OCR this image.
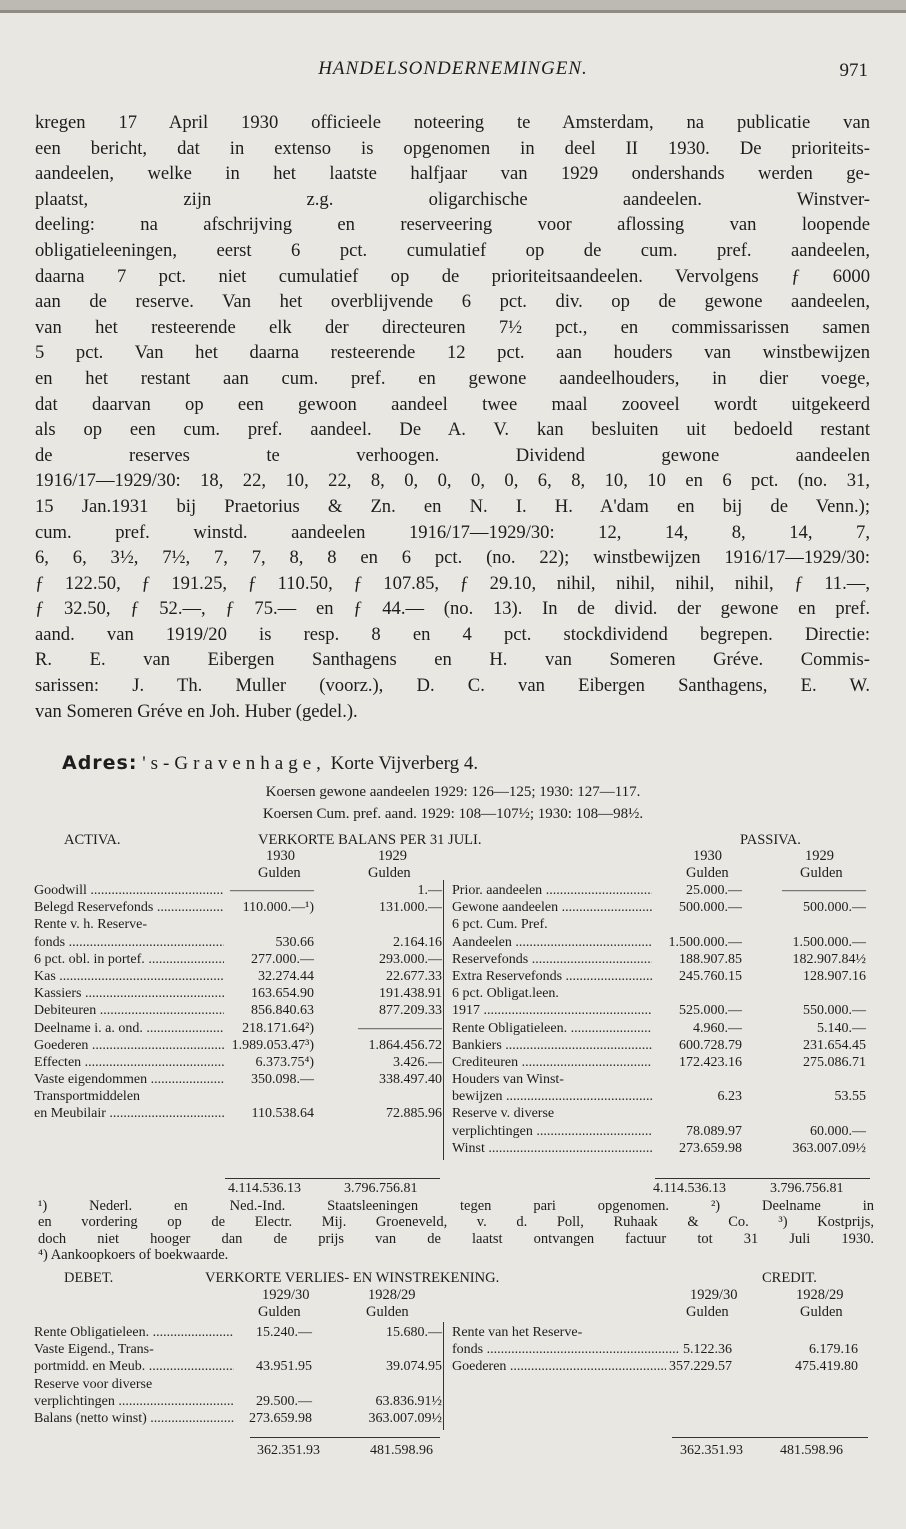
HANDELSONDERNEMINGEN.	971
kregen 17 April 1930 officieele noteering te Amsterdam, na publicatie van
een bericht, dat in extenso is opgenomen in deel II 1930. De prioriteits-
aandeelen, welke in het laatste halfjaar van 1929 ondershands werden ge-
plaatst, zijn z.g. oligarchische aandeelen. Winstver-
deeling: na afschrijving en reserveering voor aflossing van loopende
obligatieleeningen, eerst 6 pct. cumulatief op de cum. pref. aandeelen,
daarna 7 pct. niet cumulatief op de prioriteitsaandeelen. Vervolgens ƒ 6000
aan de reserve. Van het overblijvende 6 pct. div. op de gewone aandeelen,
van het resteerende elk der directeuren 7½ pct., en commissarissen samen
5 pct. Van het daarna resteerende 12 pct. aan houders van winstbewijzen
en het restant aan cum. pref. en gewone aandeelhouders, in dier voege,
dat daarvan op een gewoon aandeel twee maal zooveel wordt uitgekeerd
als op een cum. pref. aandeel. De A. V. kan besluiten uit bedoeld restant
de reserves te verhoogen. Dividend gewone aandeelen
1916/17—1929/30: 18, 22, 10, 22, 8, 0, 0, 0, 0, 6, 8, 10, 10 en 6 pct. (no. 31,
15 Jan.1931 bij Praetorius & Zn. en N. I. H. A'dam en bij de Venn.);
cum. pref. winstd. aandeelen 1916/17—1929/30: 12, 14, 8, 14, 7,
6, 6, 3½, 7½, 7, 7, 8, 8 en 6 pct. (no. 22); winstbewijzen 1916/17—1929/30:
ƒ 122.50, ƒ 191.25, ƒ 110.50, ƒ 107.85, ƒ 29.10, nihil, nihil, nihil, nihil, ƒ 11.—,
ƒ 32.50, ƒ 52.—, ƒ 75.— en ƒ 44.— (no. 13). In de divid. der gewone en pref.
aand. van 1919/20 is resp. 8 en 4 pct. stockdividend begrepen. Directie:
R. E. van Eibergen Santhagens en H. van Someren Gréve. Commis-
sarissen: J. Th. Muller (voorz.), D. C. van Eibergen Santhagens, E. W.
van Someren Gréve en Joh. Huber (gedel.).
Adres: 's-Gravenhage, Korte Vijverberg 4.
Koersen gewone aandeelen 1929: 126—125; 1930: 127—117.
Koersen Cum. pref. aand. 1929: 108—107½; 1930: 108—98½.
ACTIVA.	VERKORTE BALANS PER 31 JULI.	PASSIVA.
1930	1929	1930	1929
Gulden	Gulden	Gulden	Gulden
Goodwill .....	——————	1.—
Belegd Reservefonds .....	110.000.—¹)	131.000.—
Rente v. h. Reserve-
fonds .....	530.66	2.164.16
6 pct. obl. in portef. .....	277.000.—	293.000.—
Kas .....	32.274.44	22.677.33
Kassiers .....	163.654.90	191.438.91
Debiteuren .....	856.840.63	877.209.33
Deelname i. a. ond. .....	218.171.64²)	——————
Goederen .....	1.989.053.47³)	1.864.456.72
Effecten .....	6.373.75⁴)	3.426.—
Vaste eigendommen .....	350.098.—	338.497.40
Transportmiddelen
en Meubilair .....	110.538.64	72.885.96
Prior. aandeelen .....	25.000.—	——————
Gewone aandeelen .....	500.000.—	500.000.—
6 pct. Cum. Pref.
Aandeelen .....	1.500.000.—	1.500.000.—
Reservefonds .....	188.907.85	182.907.84½
Extra Reservefonds .....	245.760.15	128.907.16
6 pct. Obligat.leen.
1917 .....	525.000.—	550.000.—
Rente Obligatieleen. .....	4.960.—	5.140.—
Bankiers .....	600.728.79	231.654.45
Crediteuren .....	172.423.16	275.086.71
Houders van Winst-
bewijzen .....	6.23	53.55
Reserve v. diverse
verplichtingen .....	78.089.97	60.000.—
Winst .....	273.659.98	363.007.09½
4.114.536.13	3.796.756.81	4.114.536.13	3.796.756.81
¹) Nederl. en Ned.-Ind. Staatsleeningen tegen pari opgenomen. ²) Deelname in
en vordering op de Electr. Mij. Groeneveld, v. d. Poll, Ruhaak & Co. ³) Kostprijs,
doch niet hooger dan de prijs van de laatst ontvangen factuur tot 31 Juli 1930.
⁴) Aankoopkoers of boekwaarde.
DEBET.	VERKORTE VERLIES- EN WINSTREKENING.	CREDIT.
1929/30	1928/29	1929/30	1928/29
Gulden	Gulden	Gulden	Gulden
Rente Obligatieleen. .....	15.240.—	15.680.—
Vaste Eigend., Trans-
portmidd. en Meub. .....	43.951.95	39.074.95
Reserve voor diverse
verplichtingen .....	29.500.—	63.836.91½
Balans (netto winst) .....	273.659.98	363.007.09½
Rente van het Reserve-
fonds .....	5.122.36	6.179.16
Goederen .....	357.229.57	475.419.80
362.351.93	481.598.96	362.351.93	481.598.96
